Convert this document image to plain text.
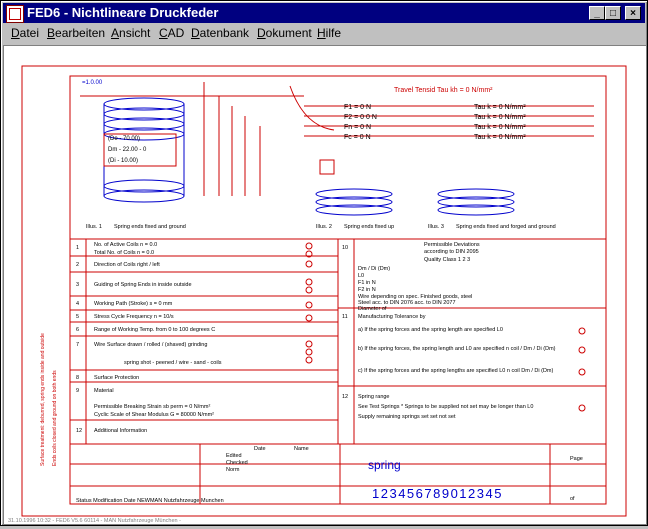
FED6 - Nichtlineare Druckfeder	_	□	×
Datei Bearbeiten Ansicht CAD Datenbank Dokument Hilfe
=1.0.00
(De - 70.00)
Dm - 22.00 - 0
(Di - 10.00)
Travel Tensid Tau kh = 0 N/mm²
F1 = 0 N	Tau k = 0 N/mm²
F2 = 0 0 N	Tau k = 0 N/mm²
Fn = 0 N	Tau k = 0 N/mm²
Fc = 0 N	Tau k = 0 N/mm²
Illus. 1 Spring ends fixed and ground	Illus. 2 Spring ends fixed up	Illus. 3 Spring ends fixed and forged and ground
1	No. of Active Coils n = 0.0
Total No. of Coils n = 0.0
2	Direction of Coils right / left
3	Guiding of Spring Ends in inside outside
4	Working Path (Stroke) s = 0 mm
5	Stress Cycle Frequency n = 10/s
6	Range of Working Temp. from 0 to 100 degrees C
7	Wire Surface drawn / rolled / (shaved) grinding
spring shot - peened / wire - sand - coils
8	Surface Protection
9	Material
Permissible Breaking Strain sb perm = 0 N/mm²
Cyclic Scale of Shear Modulus G = 80000 N/mm²
12 Additional Information
10	Permissible Deviations
according to DIN 2095
Quality Class 1 2 3
Dm / Di (Dm)
L0
F1 in N
F2 in N
Wire depending on spec. Finished goods, steel
Steel acc. to DIN 2076 acc. to DIN 2077
Diameter of
11 Manufacturing Tolerance by
a) If the spring forces and the spring length are specified L0
b) If the spring forces, the spring length and L0 are specified n coil / Dm / Di (Dm)
c) If the spring forces and the spring lengths are specified L0 n coil Dm / Di (Dm)
12 Spring range
See Test Springs * Springs to be supplied not set may be longer than L0
Supply remaining springs set set not set
Date	Name
Edited
Checked
Norm	spring
123456789012345
Page
of
Status Modification Date NEWMAN Nutzfahrzeuge Munchen
Surface treatment: deburred, spring ends inside and outside Ends coils closed and ground on both ends
31.10.1996 10:32 - FED6 V5.6 60114 - MAN Nutzfahrzeuge München -
